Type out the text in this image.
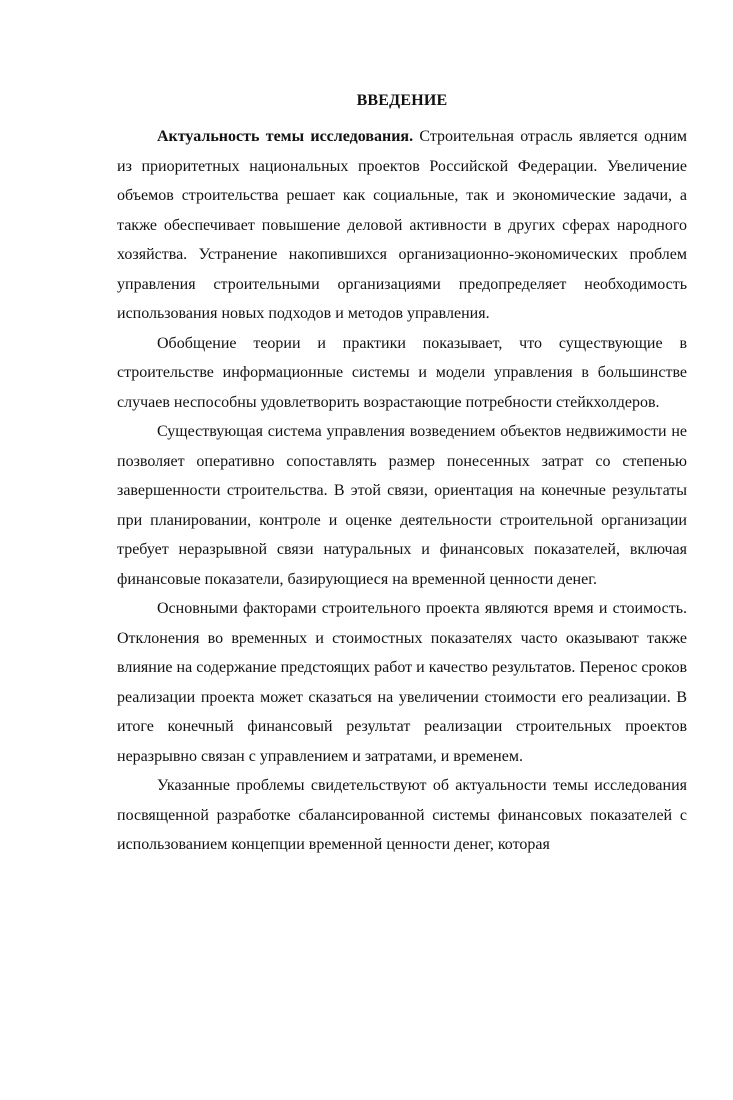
ВВЕДЕНИЕ

Актуальность темы исследования. Строительная отрасль является одним из приоритетных национальных проектов Российской Федерации. Увеличение объемов строительства решает как социальные, так и экономические задачи, а также обеспечивает повышение деловой активности в других сферах народного хозяйства. Устранение накопившихся организационно-экономических проблем управления строительными организациями предопределяет необходимость использования новых подходов и методов управления.

Обобщение теории и практики показывает, что существующие в строительстве информационные системы и модели управления в большинстве случаев неспособны удовлетворить возрастающие потребности стейкхолдеров.

Существующая система управления возведением объектов недвижимости не позволяет оперативно сопоставлять размер понесенных затрат со степенью завершенности строительства. В этой связи, ориентация на конечные результаты при планировании, контроле и оценке деятельности строительной организации требует неразрывной связи натуральных и финансовых показателей, включая финансовые показатели, базирующиеся на временной ценности денег.

Основными факторами строительного проекта являются время и стоимость. Отклонения во временных и стоимостных показателях часто оказывают также влияние на содержание предстоящих работ и качество результатов. Перенос сроков реализации проекта может сказаться на увеличении стоимости его реализации. В итоге конечный финансовый результат реализации строительных проектов неразрывно связан с управлением и затратами, и временем.

Указанные проблемы свидетельствуют об актуальности темы исследования посвященной разработке сбалансированной системы финансовых показателей с использованием концепции временной ценности денег, которая
